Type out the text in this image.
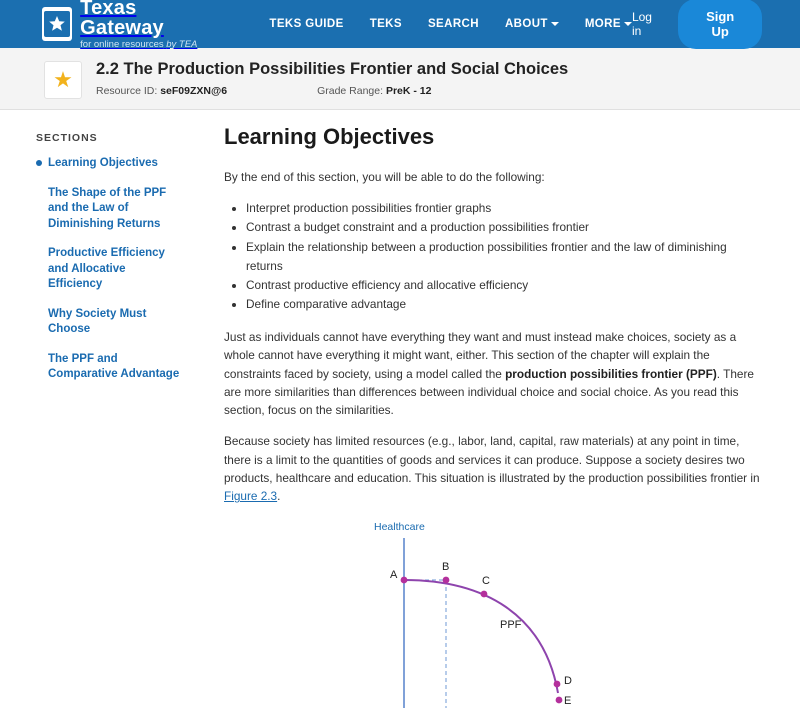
Texas Gateway
for online resources by TEA
TEKS GUIDE TEKS SEARCH ABOUT	MORE Log in
Sign Up
★ 2.2 The Production Possibilities Frontier and Social Choices
Resource ID: seF09ZXN@6	Grade Range: PreK - 12
SECTIONS
Learning Objectives
The Shape of the PPF and the Law of Diminishing Returns
Productive Efficiency and Allocative Efficiency
Why Society Must Choose
The PPF and Comparative Advantage
Learning Objectives

By the end of this section, you will be able to do the following:

• Interpret production possibilities frontier graphs
• Contrast a budget constraint and a production possibilities frontier
• Explain the relationship between a production possibilities frontier and the law of diminishing returns
• Contrast productive efficiency and allocative efficiency
• Define comparative advantage

Just as individuals cannot have everything they want and must instead make choices, society as a whole cannot have everything it might want, either. This section of the chapter will explain the constraints faced by society, using a model called the production possibilities frontier (PPF). There are more similarities than differences between individual choice and social choice. As you read this section, focus on the similarities.

Because society has limited resources (e.g., labor, land, capital, raw materials) at any point in time, there is a limit to the quantities of goods and services it can produce. Suppose a society desires two products, healthcare and education. This situation is illustrated by the production possibilities frontier in Figure 2.3.

Healthcare
A
B
C
D
E
PPF
